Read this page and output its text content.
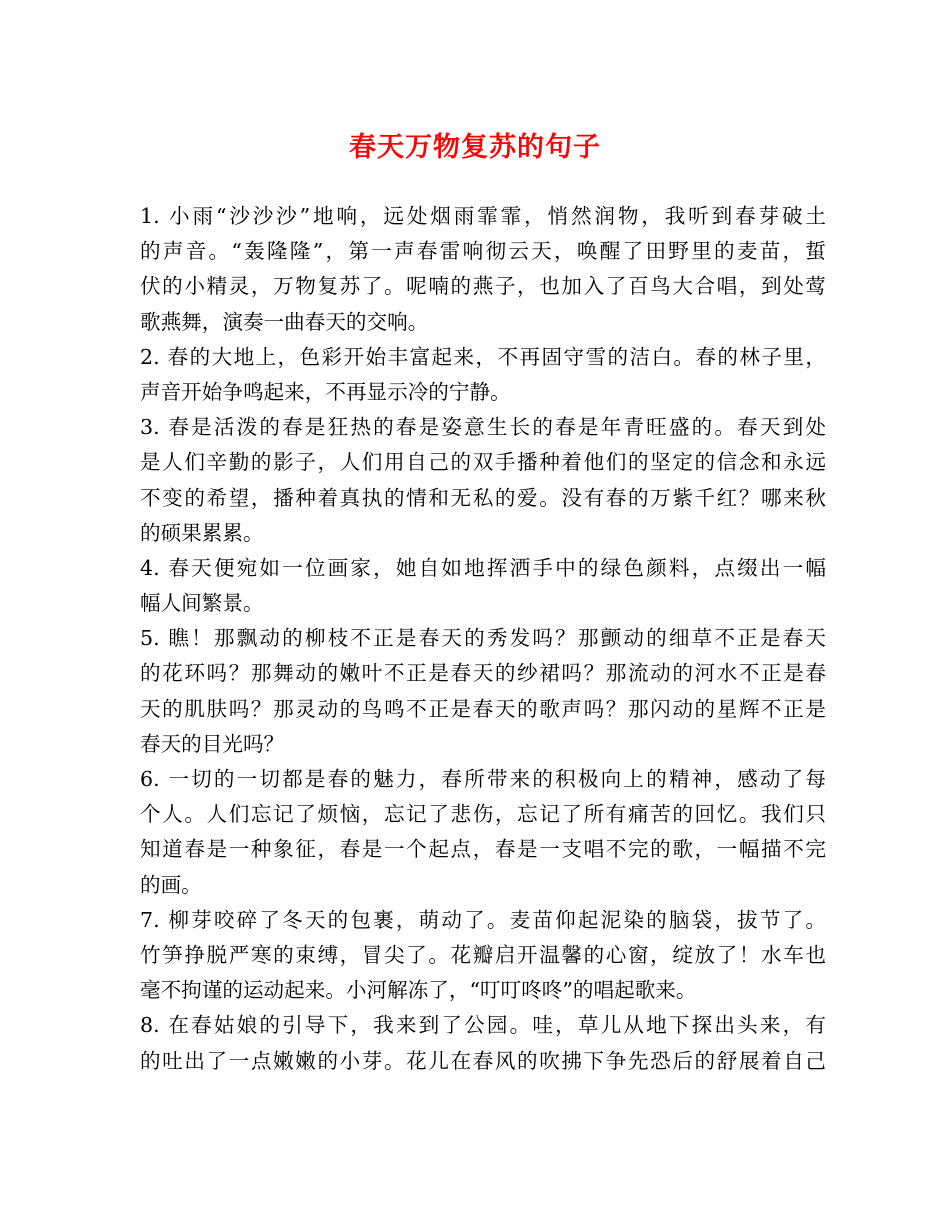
春天万物复苏的句子
1. 小雨“沙沙沙”地响，远处烟雨霏霏，悄然润物，我听到春芽破土
的声音。“轰隆隆”，第一声春雷响彻云天，唤醒了田野里的麦苗，蜇
伏的小精灵，万物复苏了。呢喃的燕子，也加入了百鸟大合唱，到处莺
歌燕舞，演奏一曲春天的交响。
2. 春的大地上，色彩开始丰富起来，不再固守雪的洁白。春的林子里，
声音开始争鸣起来，不再显示冷的宁静。
3. 春是活泼的春是狂热的春是姿意生长的春是年青旺盛的。春天到处
是人们辛勤的影子，人们用自己的双手播种着他们的坚定的信念和永远
不变的希望，播种着真执的情和无私的爱。没有春的万紫千红？哪来秋
的硕果累累。
4. 春天便宛如一位画家，她自如地挥洒手中的绿色颜料，点缀出一幅
幅人间繁景。
5. 瞧！那飘动的柳枝不正是春天的秀发吗？那颤动的细草不正是春天
的花环吗？那舞动的嫩叶不正是春天的纱裙吗？那流动的河水不正是春
天的肌肤吗？那灵动的鸟鸣不正是春天的歌声吗？那闪动的星辉不正是
春天的目光吗？
6. 一切的一切都是春的魅力，春所带来的积极向上的精神，感动了每
个人。人们忘记了烦恼，忘记了悲伤，忘记了所有痛苦的回忆。我们只
知道春是一种象征，春是一个起点，春是一支唱不完的歌，一幅描不完
的画。
7. 柳芽咬碎了冬天的包裹，萌动了。麦苗仰起泥染的脑袋，拔节了。
竹笋挣脱严寒的束缚，冒尖了。花瓣启开温馨的心窗，绽放了！水车也
毫不拘谨的运动起来。小河解冻了，“叮叮咚咚”的唱起歌来。
8. 在春姑娘的引导下，我来到了公园。哇，草儿从地下探出头来，有
的吐出了一点嫩嫩的小芽。花儿在春风的吹拂下争先恐后的舒展着自己
